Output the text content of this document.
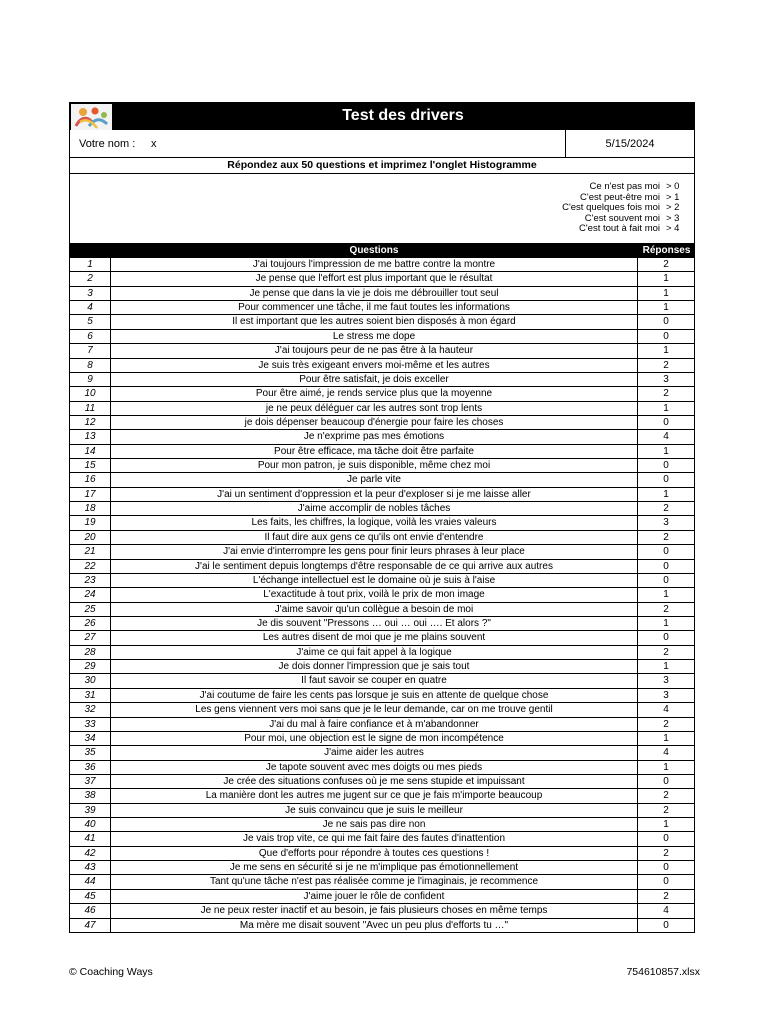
Test des drivers
Votre nom :	x	5/15/2024
Répondez aux 50 questions et imprimez l'onglet Histogramme
Ce n'est pas moi > 0
C'est peut-être moi > 1
C'est quelques fois moi > 2
C'est souvent moi > 3
C'est tout à fait moi > 4
Questions	Réponses
1	J'ai toujours l'impression de me battre contre la montre	2
2	Je pense que l'effort est plus important que le résultat	1
3	Je pense que dans la vie je dois me débrouiller tout seul	1
4	Pour commencer une tâche, il me faut toutes les informations	1
5	Il est important que les autres soient bien disposés à mon égard	0
6	Le stress me dope	0
7	J'ai toujours peur de ne pas être à la hauteur	1
8	Je suis très exigeant envers moi-même et les autres	2
9	Pour être satisfait, je dois exceller	3
10	Pour être aimé, je rends service plus que la moyenne	2
11	je ne peux déléguer car les autres sont trop lents	1
12	je dois dépenser beaucoup d'énergie pour faire les choses	0
13	Je n'exprime pas mes émotions	4
14	Pour être efficace, ma tâche doit être parfaite	1
15	Pour mon patron, je suis disponible, même chez moi	0
16	Je parle vite	0
17	J'ai un sentiment d'oppression et la peur d'exploser si je me laisse aller	1
18	J'aime accomplir de nobles tâches	2
19	Les faits, les chiffres, la logique, voilà les vraies valeurs	3
20	Il faut dire aux gens ce qu'ils ont envie d'entendre	2
21	J'ai envie d'interrompre les gens pour finir leurs phrases à leur place	0
22	J'ai le sentiment depuis longtemps d'être responsable de ce qui arrive aux autres	0
23	L'échange intellectuel est le domaine où je suis à l'aise	0
24	L'exactitude à tout prix, voilà le prix de mon image	1
25	J'aime savoir qu'un collègue a besoin de moi	2
26	Je dis souvent "Pressons … oui … oui …. Et alors ?"	1
27	Les autres disent de moi que je me plains souvent	0
28	J'aime ce qui fait appel à la logique	2
29	Je dois donner l'impression que je sais tout	1
30	Il faut savoir se couper en quatre	3
31	J'ai coutume de faire les cents pas lorsque je suis en attente de quelque chose	3
32	Les gens viennent vers moi sans que je le leur demande, car on me trouve gentil	4
33	J'ai du mal à faire confiance et à m'abandonner	2
34	Pour moi, une objection est le signe de mon incompétence	1
35	J'aime aider les autres	4
36	Je tapote souvent avec mes doigts ou mes pieds	1
37	Je crée des situations confuses où je me sens stupide et impuissant	0
38	La manière dont les autres me jugent sur ce que je fais m'importe beaucoup	2
39	Je suis convaincu que je suis le meilleur	2
40	Je ne sais pas dire non	1
41	Je vais trop vite, ce qui me fait faire des fautes d'inattention	0
42	Que d'efforts pour répondre à toutes ces questions !	2
43	Je me sens en sécurité si je ne m'implique pas émotionnellement	0
44	Tant qu'une tâche n'est pas réalisée comme je l'imaginais, je recommence	0
45	J'aime jouer le rôle de confident	2
46	Je ne peux rester inactif et au besoin, je fais plusieurs choses en même temps	4
47	Ma mère me disait souvent "Avec un peu plus d'efforts tu …"	0
© Coaching Ways	754610857.xlsx
